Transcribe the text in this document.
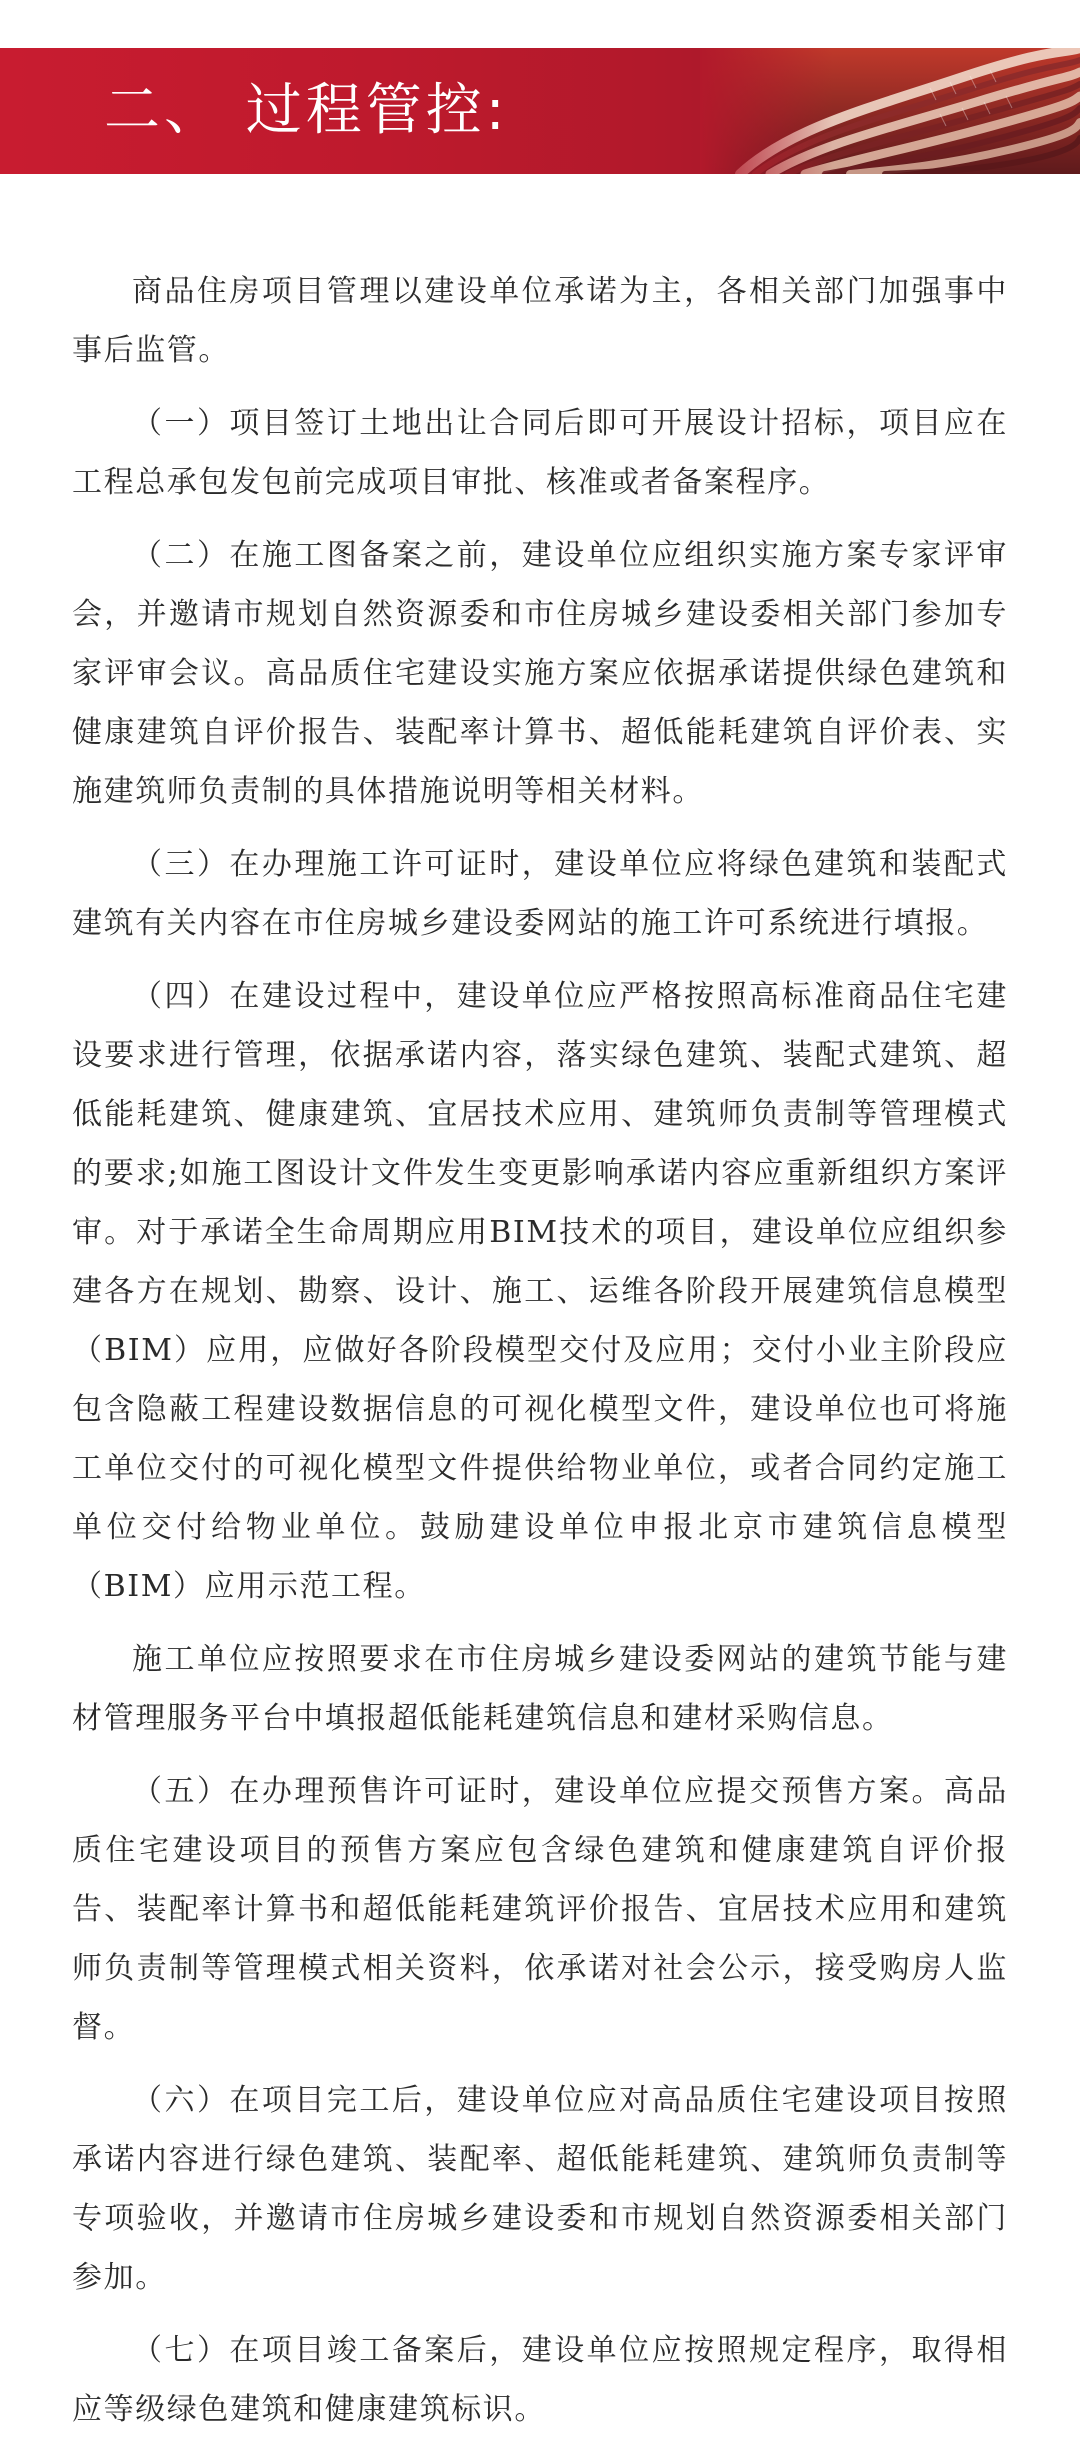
二、 过程管控:

商品住房项目管理以建设单位承诺为主，各相关部门加强事中事后监管。

（一）项目签订土地出让合同后即可开展设计招标，项目应在工程总承包发包前完成项目审批、核准或者备案程序。

（二）在施工图备案之前，建设单位应组织实施方案专家评审会，并邀请市规划自然资源委和市住房城乡建设委相关部门参加专家评审会议。高品质住宅建设实施方案应依据承诺提供绿色建筑和健康建筑自评价报告、装配率计算书、超低能耗建筑自评价表、实施建筑师负责制的具体措施说明等相关材料。

（三）在办理施工许可证时，建设单位应将绿色建筑和装配式建筑有关内容在市住房城乡建设委网站的施工许可系统进行填报。

（四）在建设过程中，建设单位应严格按照高标准商品住宅建设要求进行管理，依据承诺内容，落实绿色建筑、装配式建筑、超低能耗建筑、健康建筑、宜居技术应用、建筑师负责制等管理模式的要求;如施工图设计文件发生变更影响承诺内容应重新组织方案评审。对于承诺全生命周期应用BIM技术的项目，建设单位应组织参建各方在规划、勘察、设计、施工、运维各阶段开展建筑信息模型（BIM）应用，应做好各阶段模型交付及应用；交付小业主阶段应包含隐蔽工程建设数据信息的可视化模型文件，建设单位也可将施工单位交付的可视化模型文件提供给物业单位，或者合同约定施工单位交付给物业单位。鼓励建设单位申报北京市建筑信息模型（BIM）应用示范工程。

施工单位应按照要求在市住房城乡建设委网站的建筑节能与建材管理服务平台中填报超低能耗建筑信息和建材采购信息。

（五）在办理预售许可证时，建设单位应提交预售方案。高品质住宅建设项目的预售方案应包含绿色建筑和健康建筑自评价报告、装配率计算书和超低能耗建筑评价报告、宜居技术应用和建筑师负责制等管理模式相关资料，依承诺对社会公示，接受购房人监督。

（六）在项目完工后，建设单位应对高品质住宅建设项目按照承诺内容进行绿色建筑、装配率、超低能耗建筑、建筑师负责制等专项验收，并邀请市住房城乡建设委和市规划自然资源委相关部门参加。

（七）在项目竣工备案后，建设单位应按照规定程序，取得相应等级绿色建筑和健康建筑标识。
